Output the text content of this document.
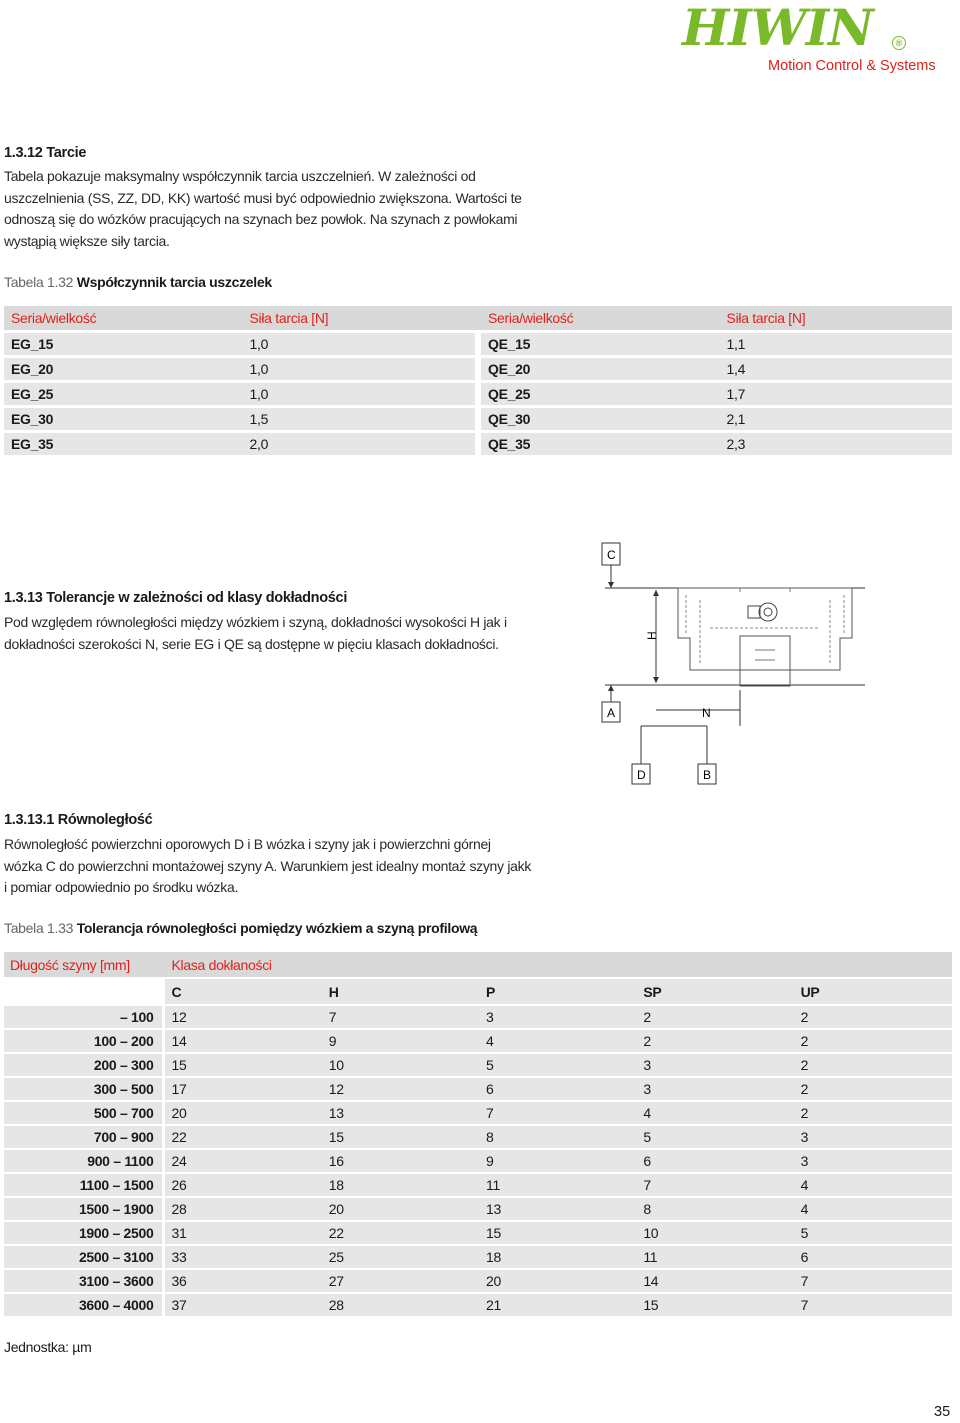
HIWIN	®
Motion Control & Systems
1.3.12 Tarcie
Tabela pokazuje maksymalny współczynnik tarcia uszczelnień. W zależności od
uszczelnienia (SS, ZZ, DD, KK) wartość musi być odpowiednio zwiększona. Wartości te
odnoszą się do wózków pracujących na szynach bez powłok. Na szynach z powłokami
wystąpią większe siły tarcia.
Tabela 1.32 Współczynnik tarcia uszczelek
Seria/wielkość	Siła tarcia [N]		Seria/wielkość	Siła tarcia [N]
EG_15	1,0		QE_15	1,1
EG_20	1,0		QE_20	1,4
EG_25	1,0		QE_25	1,7
EG_30	1,5		QE_30	2,1
EG_35	2,0		QE_35	2,3
1.3.13 Tolerancje w zależności od klasy dokładności
Pod względem równoległości między wózkiem i szyną, dokładności wysokości H jak i
dokładności szerokości N, serie EG i QE są dostępne w pięciu klasach dokładności.
C
A
D	B
N
H
1.3.13.1 Równoległość
Równoległość powierzchni oporowych D i B wózka i szyny jak i powierzchni górnej
wózka C do powierzchni montażowej szyny A. Warunkiem jest idealny montaż szyny jakk
i pomiar odpowiednio po środku wózka.
Tabela 1.33 Tolerancja równoległości pomiędzy wózkiem a szyną profilową
Długość szyny [mm]		Klasa dokłaności				
		C	H	P	SP	UP
– 100		12	7	3	2	2
100 – 200		14	9	4	2	2
200 – 300		15	10	5	3	2
300 – 500		17	12	6	3	2
500 – 700		20	13	7	4	2
700 – 900		22	15	8	5	3
900 – 1100		24	16	9	6	3
1100 – 1500		26	18	11	7	4
1500 – 1900		28	20	13	8	4
1900 – 2500		31	22	15	10	5
2500 – 3100		33	25	18	11	6
3100 – 3600		36	27	20	14	7
3600 – 4000		37	28	21	15	7
Jednostka: µm
35
